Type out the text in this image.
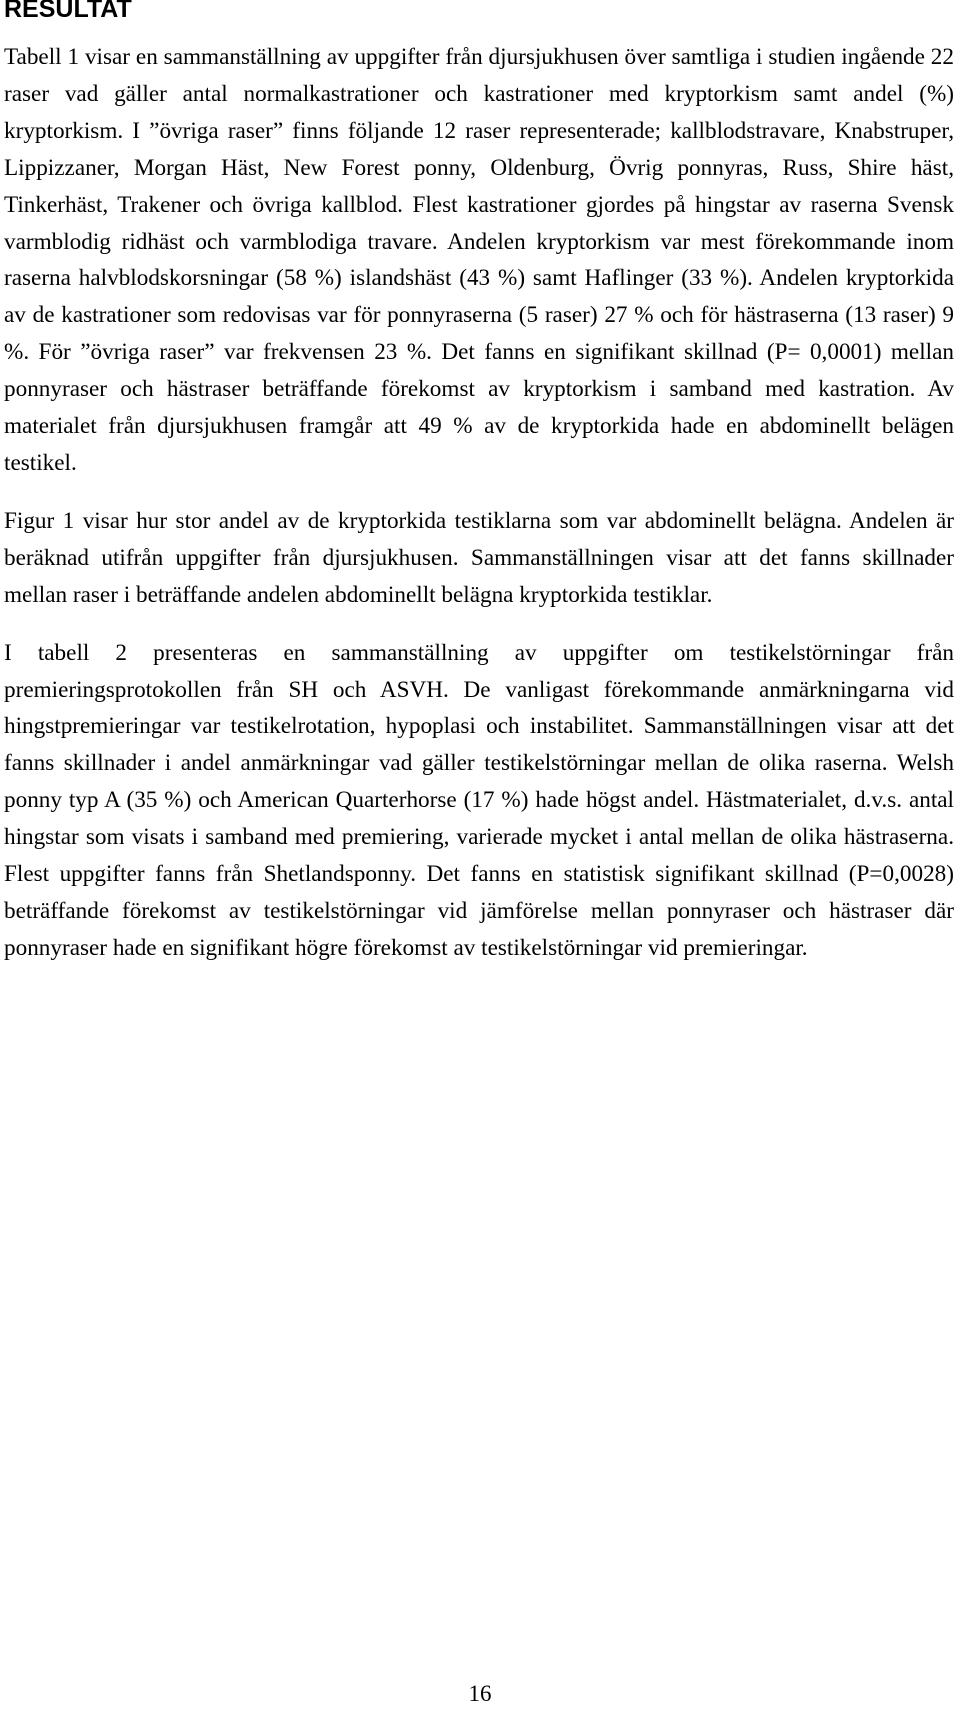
RESULTAT

Tabell 1 visar en sammanställning av uppgifter från djursjukhusen över samtliga i studien ingående 22 raser vad gäller antal normalkastrationer och kastrationer med kryptorkism samt andel (%) kryptorkism. I ”övriga raser” finns följande 12 raser representerade; kallblodstravare, Knabstruper, Lippizzaner, Morgan Häst, New Forest ponny, Oldenburg, Övrig ponnyras, Russ, Shire häst, Tinkerhäst, Trakener och övriga kallblod. Flest kastrationer gjordes på hingstar av raserna Svensk varmblodig ridhäst och varmblodiga travare. Andelen kryptorkism var mest förekommande inom raserna halvblodskorsningar (58 %) islandshäst (43 %) samt Haflinger (33 %). Andelen kryptorkida av de kastrationer som redovisas var för ponnyraserna (5 raser) 27 % och för hästraserna (13 raser) 9 %. För ”övriga raser” var frekvensen 23 %. Det fanns en signifikant skillnad (P= 0,0001) mellan ponnyraser och hästraser beträffande förekomst av kryptorkism i samband med kastration. Av materialet från djursjukhusen framgår att 49 % av de kryptorkida hade en abdominellt belägen testikel.

Figur 1 visar hur stor andel av de kryptorkida testiklarna som var abdominellt belägna. Andelen är beräknad utifrån uppgifter från djursjukhusen. Sammanställningen visar att det fanns skillnader mellan raser i beträffande andelen abdominellt belägna kryptorkida testiklar.

I tabell 2 presenteras en sammanställning av uppgifter om testikelstörningar från premieringsprotokollen från SH och ASVH. De vanligast förekommande anmärkningarna vid hingstpremieringar var testikelrotation, hypoplasi och instabilitet. Sammanställningen visar att det fanns skillnader i andel anmärkningar vad gäller testikelstörningar mellan de olika raserna. Welsh ponny typ A (35 %) och American Quarterhorse (17 %) hade högst andel. Hästmaterialet, d.v.s. antal hingstar som visats i samband med premiering, varierade mycket i antal mellan de olika hästraserna. Flest uppgifter fanns från Shetlandsponny. Det fanns en statistisk signifikant skillnad (P=0,0028) beträffande förekomst av testikelstörningar vid jämförelse mellan ponnyraser och hästraser där ponnyraser hade en signifikant högre förekomst av testikelstörningar vid premieringar.

16
